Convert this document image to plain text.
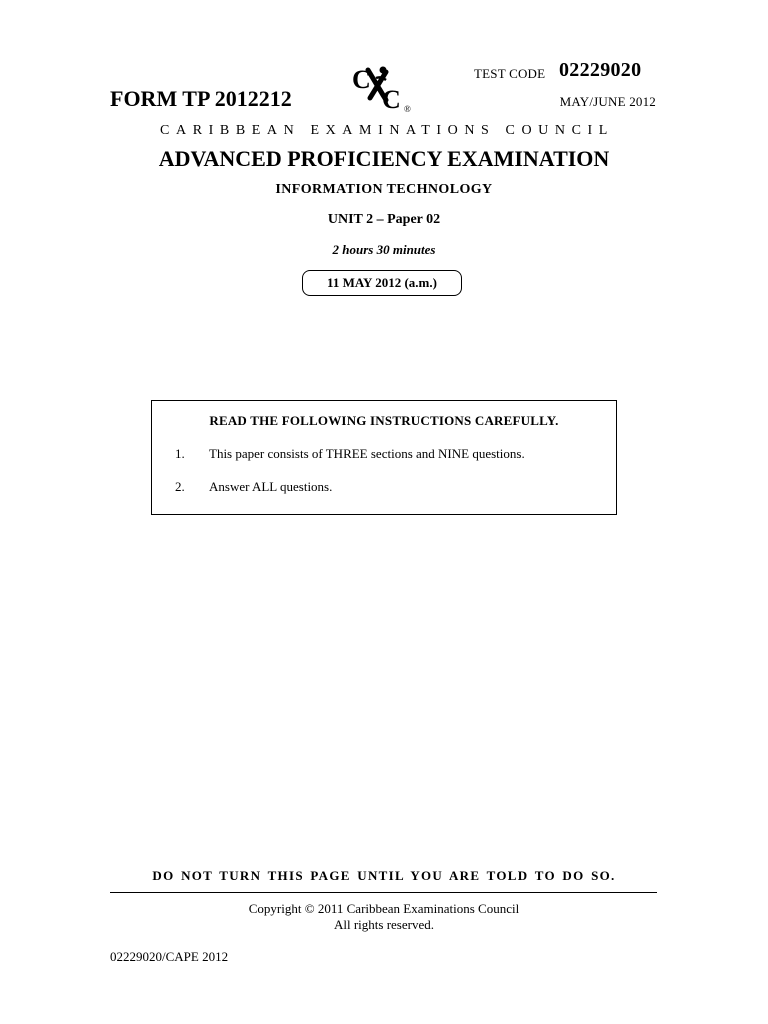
TEST CODE 02229020
FORM TP 2012212
C
C ®	MAY/JUNE 2012
CARIBBEAN EXAMINATIONS COUNCIL
ADVANCED PROFICIENCY EXAMINATION
INFORMATION TECHNOLOGY
UNIT 2 – Paper 02
2 hours 30 minutes
11 MAY 2012 (a.m.)
READ THE FOLLOWING INSTRUCTIONS CAREFULLY.
1. This paper consists of THREE sections and NINE questions.
2. Answer ALL questions.
DO NOT TURN THIS PAGE UNTIL YOU ARE TOLD TO DO SO.
Copyright © 2011 Caribbean Examinations Council
All rights reserved.
02229020/CAPE 2012
